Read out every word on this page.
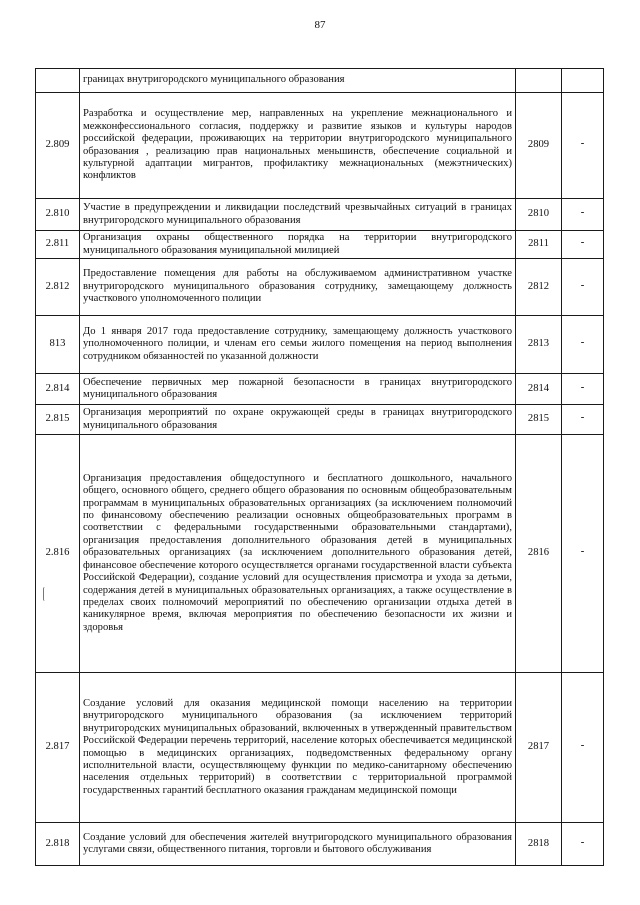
87
	границах внутригородского муниципального образования		
2.809	Разработка и осуществление мер, направленных на укрепление межнационального и межконфессионального согласия, поддержку и развитие языков и культуры народов российской федерации, проживающих на территории внутригородского муниципального образования , реализацию прав национальных меньшинств, обеспечение социальной и культурной адаптации мигрантов, профилактику межнациональных (межэтнических) конфликтов	2809	-
2.810	Участие в предупреждении и ликвидации последствий чрезвычайных ситуаций в границах внутригородского муниципального образования	2810	-
2.811	Организация охраны общественного порядка на территории внутригородского муниципального образования муниципальной милицией	2811	-
2.812	Предоставление помещения для работы на обслуживаемом административном участке внутригородского муниципального образования сотруднику, замещающему должность участкового уполномоченного полиции	2812	-
813	До 1 января 2017 года предоставление сотруднику, замещающему должность участкового уполномоченного полиции, и членам его семьи жилого помещения на период выполнения сотрудником обязанностей по указанной должности	2813	-
2.814	Обеспечение первичных мер пожарной безопасности в границах внутригородского муниципального образования	2814	-
2.815	Организация мероприятий по охране окружающей среды в границах внутригородского муниципального образования	2815	-
2.816	Организация предоставления общедоступного и бесплатного дошкольного, начального общего, основного общего, среднего общего образования по основным общеобразовательным программам в муниципальных образовательных организациях (за исключением полномочий по финансовому обеспечению реализации основных общеобразовательных программ в соответствии с федеральными государственными образовательными стандартами), организация предоставления дополнительного образования детей в муниципальных образовательных организациях (за исключением дополнительного образования детей, финансовое обеспечение которого осуществляется органами государственной власти субъекта Российской Федерации), создание условий для осуществления присмотра и ухода за детьми, содержания детей в муниципальных образовательных организациях, а также осуществление в пределах своих полномочий мероприятий по обеспечению организации отдыха детей в каникулярное время, включая мероприятия по обеспечению безопасности их жизни и здоровья	2816	-
2.817	Создание условий для оказания медицинской помощи населению на территории внутригородского муниципального образования (за исключением территорий внутригородских муниципальных образований, включенных в утвержденный правительством Российской Федерации перечень территорий, население которых обеспечивается медицинской помощью в медицинских организациях, подведомственных федеральному органу исполнительной власти, осуществляющему функции по медико-санитарному обеспечению населения отдельных территорий) в соответствии с территориальной программой государственных гарантий бесплатного оказания гражданам медицинской помощи	2817	-
2.818	Создание условий для обеспечения жителей внутригородского муниципального образования услугами связи, общественного питания, торговли и бытового обслуживания	2818	-
